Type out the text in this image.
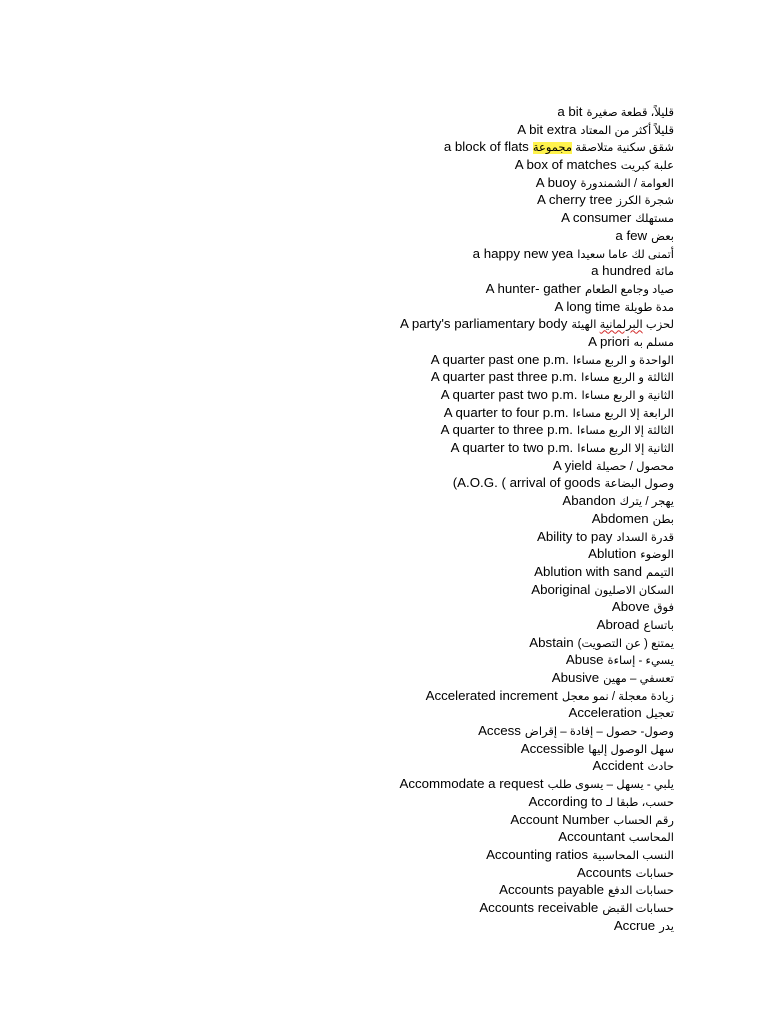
a bit قليلاً، قطعة صغيرة
A bit extra قليلاً أكثر من المعتاد
a block of flats	شقق سكنية متلاصقة مجموعة
A box of matches علبة كبريت
A buoy العوامة / الشمندورة
A cherry tree شجرة الكرز
A consumer مستهلك
a few بعض
a happy new yea أتمنى لك عاما سعيدا
a hundred مائة
A hunter- gather صياد وجامع الطعام
A long time مدة طويلة
A party's parliamentary body	لحزب البرلمانية الهيئة
A priori مسلم به
A quarter past one p.m. الواحدة و الربع مساءا
A quarter past three p.m. الثالثة و الربع مساءا
A quarter past two p.m. الثانية و الربع مساءا
A quarter to four p.m. الرابعة إلا الربع مساءا
A quarter to three p.m. الثالثة إلا الربع مساءا
A quarter to two p.m. الثانية إلا الربع مساءا
A yield محصول / حصيلة
(A.O.G. ( arrival of goods وصول البضاعة
Abandon يهجر / يترك
Abdomen بطن
Ability to pay قدرة السداد
Ablution الوضوء
Ablution with sand التيمم
Aboriginal السكان الاصليون
Above فوق
Abroad باتساع
Abstain يمتنع ( عن التصويت)
Abuse يسيء - إساءة
Abusive تعسفي – مهين
Accelerated increment زيادة معجلة / نمو معجل
Acceleration تعجيل
Access وصول- حصول – إفادة – إقراض
Accessible سهل الوصول إليها
Accident حادث
Accommodate a request يلبي - يسهل – يسوى طلب
According to حسب، طبقا لـ
Account Number رقم الحساب
Accountant المحاسب
Accounting ratios النسب المحاسبية
Accounts حسابات
Accounts payable حسابات الدفع
Accounts receivable حسابات القبض
Accrue يدر
